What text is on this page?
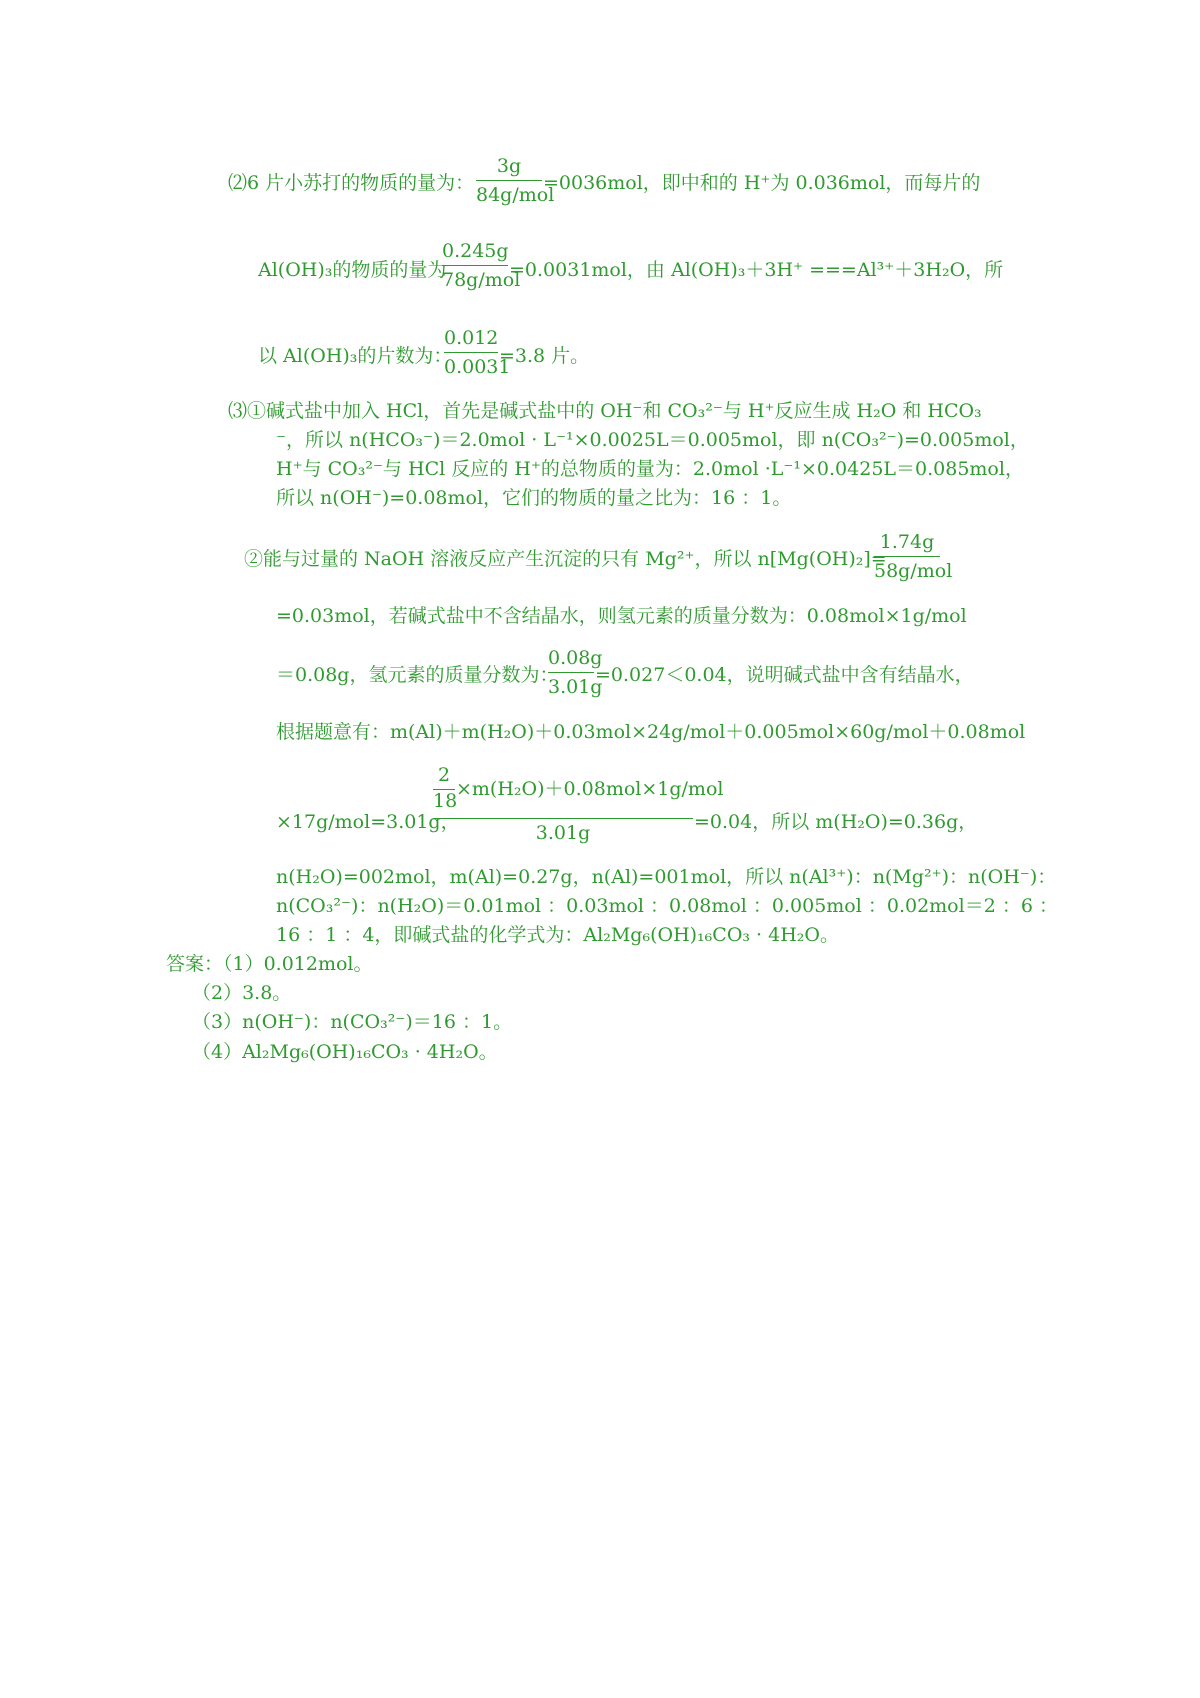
⑵6 片小苏打的物质的量为：
3g
84g/mol
=0036mol，即中和的 H⁺为 0.036mol，而每片的
Al(OH)₃的物质的量为
0.245g
78g/mol
=0.0031mol，由 Al(OH)₃＋3H⁺ ===Al³⁺＋3H₂O，所
以 Al(OH)₃的片数为：
0.012
0.0031
=3.8 片。
⑶①碱式盐中加入 HCl，首先是碱式盐中的 OH⁻和 CO₃²⁻与 H⁺反应生成 H₂O 和 HCO₃
⁻，所以 n(HCO₃⁻)＝2.0mol · L⁻¹×0.0025L＝0.005mol，即 n(CO₃²⁻)=0.005mol，
H⁺与 CO₃²⁻与 HCl 反应的 H⁺的总物质的量为：2.0mol ·L⁻¹×0.0425L＝0.085mol，
所以 n(OH⁻)=0.08mol，它们的物质的量之比为：16 ：1。
②能与过量的 NaOH 溶液反应产生沉淀的只有 Mg²⁺，所以 n[Mg(OH)₂]=
1.74g
58g/mol
=0.03mol，若碱式盐中不含结晶水，则氢元素的质量分数为：0.08mol×1g/mol
＝0.08g，氢元素的质量分数为：
0.08g
3.01g
=0.027＜0.04，说明碱式盐中含有结晶水，
根据题意有：m(Al)＋m(H₂O)＋0.03mol×24g/mol＋0.005mol×60g/mol＋0.08mol
×17g/mol=3.01g，
2
18
×m(H₂O)＋0.08mol×1g/mol
3.01g	=0.04，所以 m(H₂O)=0.36g，
n(H₂O)=002mol，m(Al)=0.27g，n(Al)=001mol，所以 n(Al³⁺)：n(Mg²⁺)：n(OH⁻)：
n(CO₃²⁻)：n(H₂O)＝0.01mol ：0.03mol ：0.08mol ：0.005mol ：0.02mol＝2 ：6 ：
16 ：1 ：4，即碱式盐的化学式为：Al₂Mg₆(OH)₁₆CO₃ · 4H₂O。
答案：（1）0.012mol。
（2）3.8。
（3）n(OH⁻)：n(CO₃²⁻)＝16 ：1。
（4）Al₂Mg₆(OH)₁₆CO₃ · 4H₂O。
